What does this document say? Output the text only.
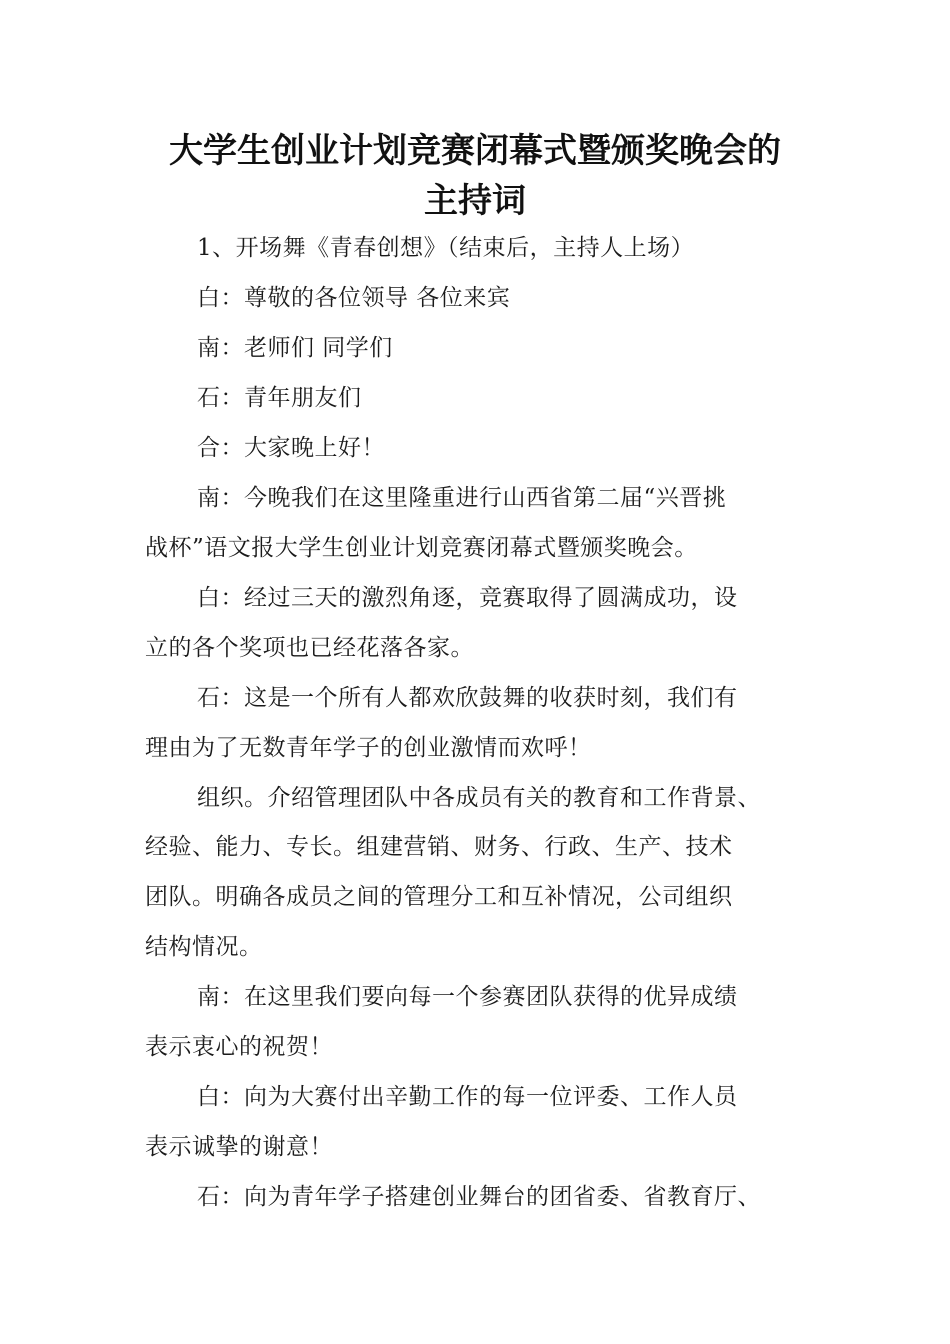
大学生创业计划竞赛闭幕式暨颁奖晚会的
主持词
1、开场舞《青春创想》（结束后，主持人上场）
白：尊敬的各位领导 各位来宾
南：老师们 同学们
石：青年朋友们
合：大家晚上好！
南：今晚我们在这里隆重进行山西省第二届“兴晋挑
战杯”语文报大学生创业计划竞赛闭幕式暨颁奖晚会。
白：经过三天的激烈角逐，竞赛取得了圆满成功，设
立的各个奖项也已经花落各家。
石：这是一个所有人都欢欣鼓舞的收获时刻，我们有
理由为了无数青年学子的创业激情而欢呼！
组织。介绍管理团队中各成员有关的教育和工作背景、
经验、能力、专长。组建营销、财务、行政、生产、技术
团队。明确各成员之间的管理分工和互补情况，公司组织
结构情况。
南：在这里我们要向每一个参赛团队获得的优异成绩
表示衷心的祝贺！
白：向为大赛付出辛勤工作的每一位评委、工作人员
表示诚挚的谢意！
石：向为青年学子搭建创业舞台的团省委、省教育厅、
